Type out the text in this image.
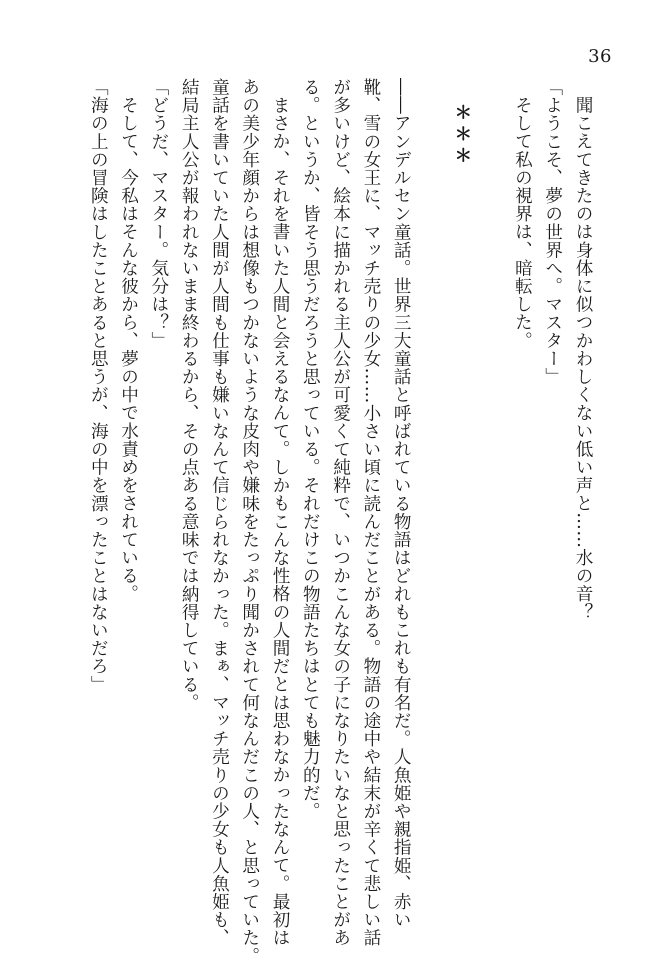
36
聞こえてきたのは身体に似つかわしくない低い声と……水の音？
「ようこそ、夢の世界へ。マスター」
そして私の視界は、暗転した。
＊＊＊
――アンデルセン童話。世界三大童話と呼ばれている物語はどれもこれも有名だ。人魚姫や親指姫、赤い
靴、雪の女王に、マッチ売りの少女……小さい頃に読んだことがある。物語の途中や結末が辛くて悲しい話
が多いけど、絵本に描かれる主人公が可愛くて純粋で、いつかこんな女の子になりたいなと思ったことがあ
る。というか、皆そう思うだろうと思っている。それだけこの物語たちはとても魅力的だ。
まさか、それを書いた人間と会えるなんて。しかもこんな性格の人間だとは思わなかったなんて。最初は
あの美少年顔からは想像もつかないような皮肉や嫌味をたっぷり聞かされて何なんだこの人、と思っていた。
童話を書いていた人間が人間も仕事も嫌いなんて信じられなかった。まぁ、マッチ売りの少女も人魚姫も、
結局主人公が報われないまま終わるから、その点ある意味では納得している。
「どうだ、マスター。気分は？」
そして、今私はそんな彼から、夢の中で水責めをされている。
「海の上の冒険はしたことあると思うが、海の中を漂ったことはないだろ」
